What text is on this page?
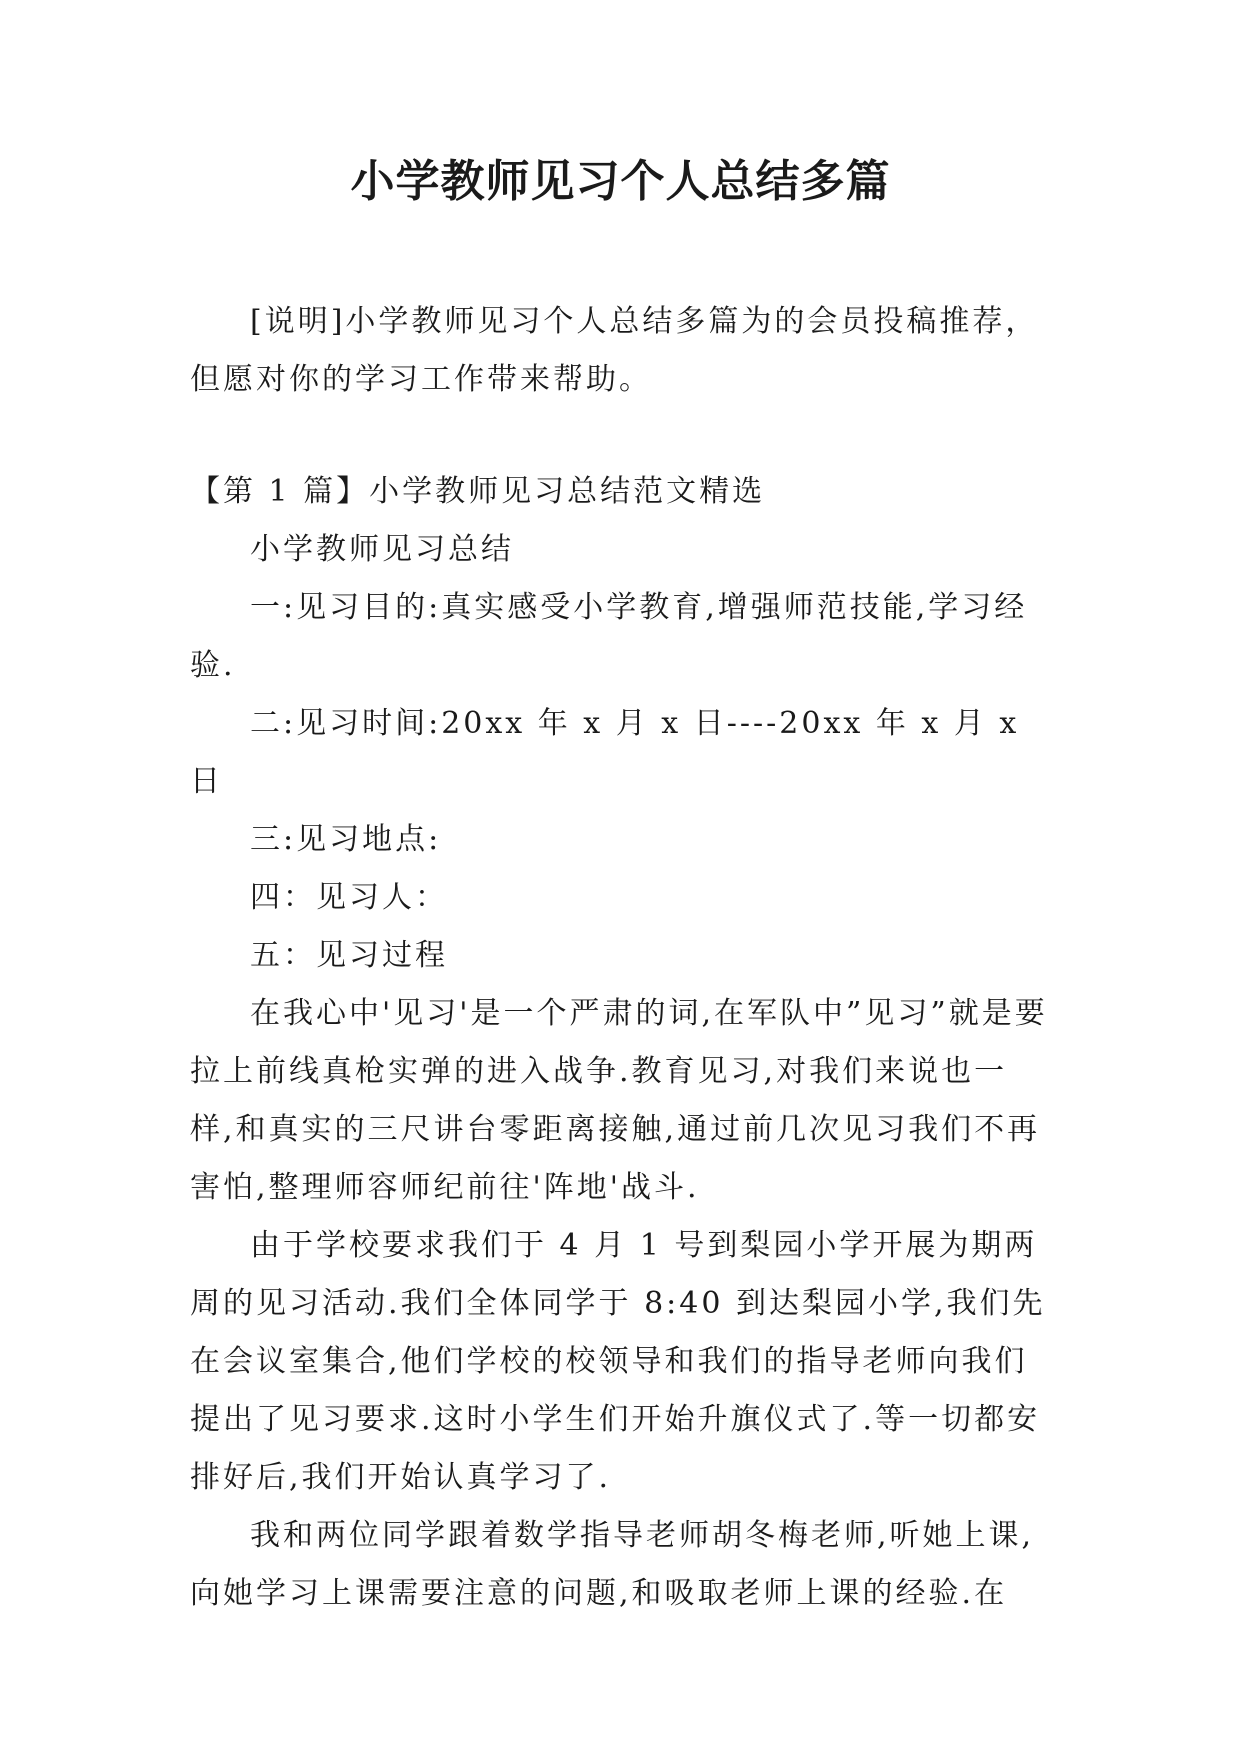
小学教师见习个人总结多篇

[说明]小学教师见习个人总结多篇为的会员投稿推荐，但愿对你的学习工作带来帮助。

【第 1 篇】小学教师见习总结范文精选

小学教师见习总结

一:见习目的:真实感受小学教育,增强师范技能,学习经验.

二:见习时间:20xx 年 x 月 x 日----20xx 年 x 月 x 日

三:见习地点:

四：见习人：

五：见习过程

在我心中'见习'是一个严肃的词,在军队中”见习”就是要拉上前线真枪实弹的进入战争.教育见习,对我们来说也一样,和真实的三尺讲台零距离接触,通过前几次见习我们不再害怕,整理师容师纪前往'阵地'战斗.

由于学校要求我们于 4 月 1 号到梨园小学开展为期两周的见习活动.我们全体同学于 8:40 到达梨园小学,我们先在会议室集合,他们学校的校领导和我们的指导老师向我们提出了见习要求.这时小学生们开始升旗仪式了.等一切都安排好后,我们开始认真学习了.

我和两位同学跟着数学指导老师胡冬梅老师,听她上课,向她学习上课需要注意的问题,和吸取老师上课的经验.在
